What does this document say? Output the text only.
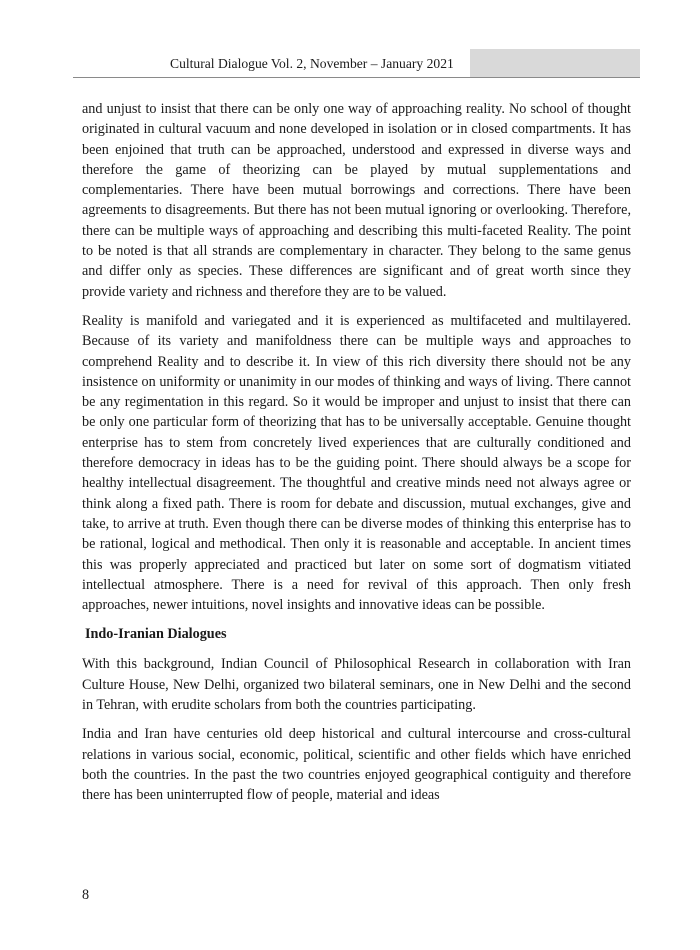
Cultural Dialogue Vol. 2, November – January 2021

and unjust to insist that there can be only one way of approaching reality. No school of thought originated in cultural vacuum and none developed in isolation or in closed compartments. It has been enjoined that truth can be approached, understood and expressed in diverse ways and therefore the game of theorizing can be played by mutual supplementations and complementaries. There have been mutual borrowings and corrections. There have been agreements to disagreements. But there has not been mutual ignoring or overlooking. Therefore, there can be multiple ways of approaching and describing this multi-faceted Reality. The point to be noted is that all strands are complementary in character. They belong to the same genus and differ only as species. These differences are significant and of great worth since they provide variety and richness and therefore they are to be valued.

Reality is manifold and variegated and it is experienced as multifaceted and multilayered. Because of its variety and manifoldness there can be multiple ways and approaches to comprehend Reality and to describe it. In view of this rich diversity there should not be any insistence on uniformity or unanimity in our modes of thinking and ways of living. There cannot be any regimentation in this regard. So it would be improper and unjust to insist that there can be only one particular form of theorizing that has to be universally acceptable. Genuine thought enterprise has to stem from concretely lived experiences that are culturally conditioned and therefore democracy in ideas has to be the guiding point. There should always be a scope for healthy intellectual disagreement. The thoughtful and creative minds need not always agree or think along a fixed path. There is room for debate and discussion, mutual exchanges, give and take, to arrive at truth. Even though there can be diverse modes of thinking this enterprise has to be rational, logical and methodical. Then only it is reasonable and acceptable. In ancient times this was properly appreciated and practiced but later on some sort of dogmatism vitiated intellectual atmosphere. There is a need for revival of this approach. Then only fresh approaches, newer intuitions, novel insights and innovative ideas can be possible.

Indo-Iranian Dialogues

With this background, Indian Council of Philosophical Research in collaboration with Iran Culture House, New Delhi, organized two bilateral seminars, one in New Delhi and the second in Tehran, with erudite scholars from both the countries participating.

India and Iran have centuries old deep historical and cultural intercourse and cross-cultural relations in various social, economic, political, scientific and other fields which have enriched both the countries. In the past the two countries enjoyed geographical contiguity and therefore there has been uninterrupted flow of people, material and ideas

8
